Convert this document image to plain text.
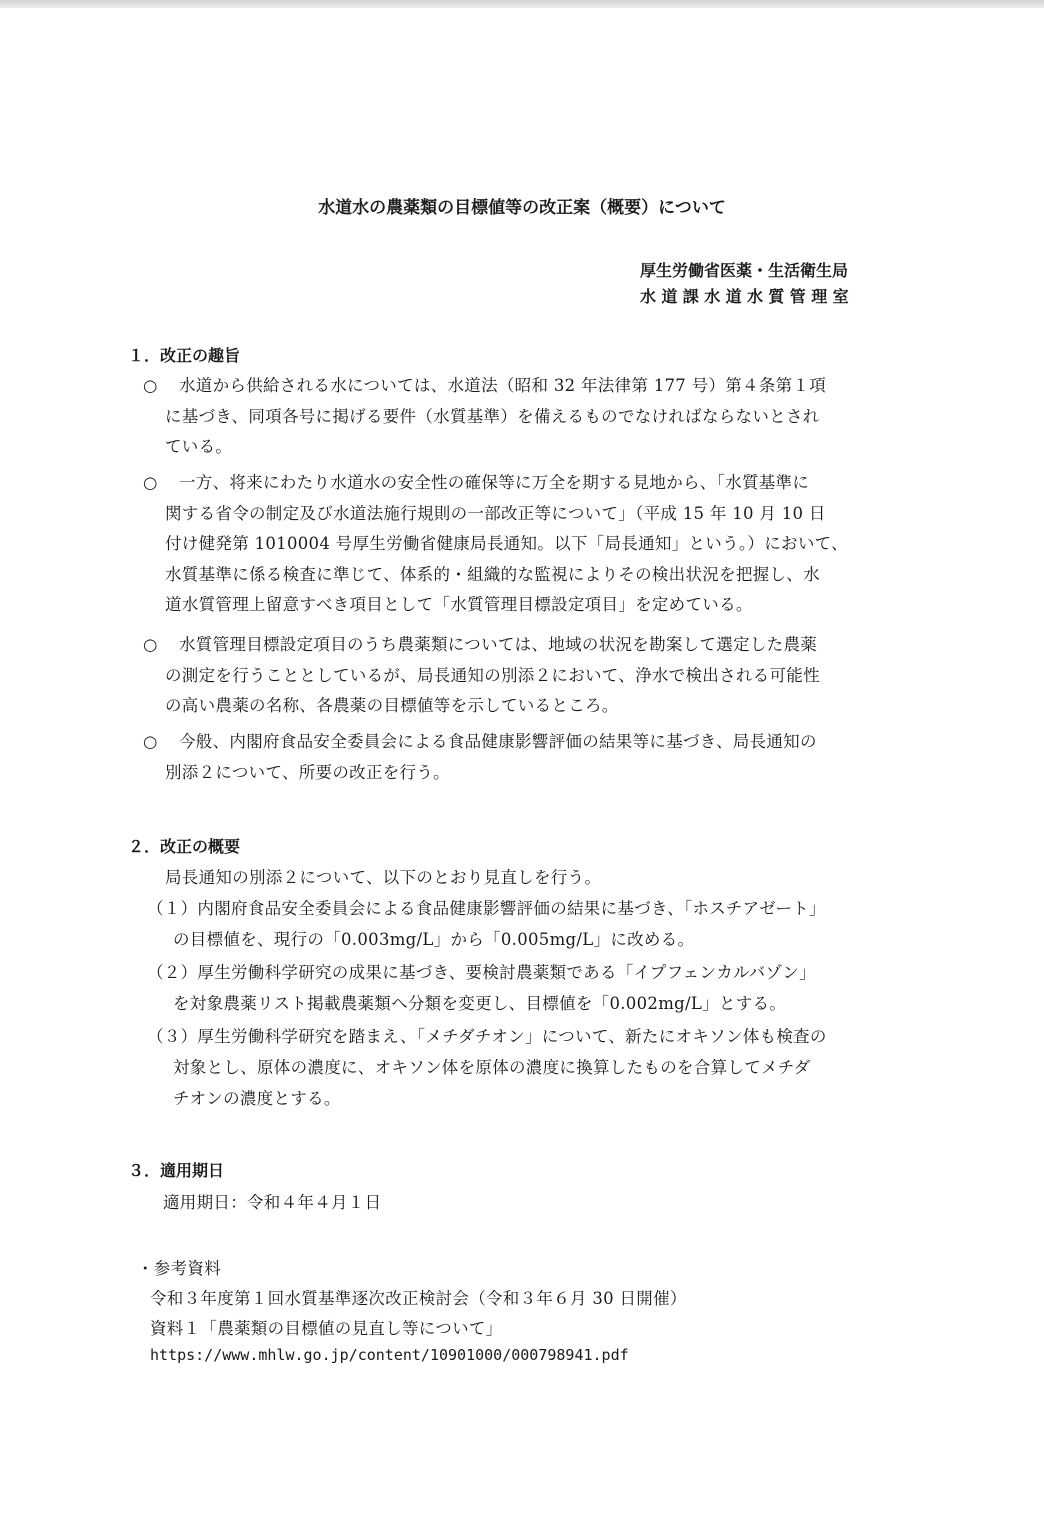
水道水の農薬類の目標値等の改正案（概要）について
厚生労働省医薬・生活衛生局
水道課水道水質管理室
１．改正の趣旨
○ 水道から供給される水については、水道法（昭和 32 年法律第 177 号）第４条第１項
に基づき、同項各号に掲げる要件（水質基準）を備えるものでなければならないとされ
ている。
○ 一方、将来にわたり水道水の安全性の確保等に万全を期する見地から、「水質基準に
関する省令の制定及び水道法施行規則の一部改正等について」（平成 15 年 10 月 10 日
付け健発第 1010004 号厚生労働省健康局長通知。以下「局長通知」という。）において、
水質基準に係る検査に準じて、体系的・組織的な監視によりその検出状況を把握し、水
道水質管理上留意すべき項目として「水質管理目標設定項目」を定めている。
○ 水質管理目標設定項目のうち農薬類については、地域の状況を勘案して選定した農薬
の測定を行うこととしているが、局長通知の別添２において、浄水で検出される可能性
の高い農薬の名称、各農薬の目標値等を示しているところ。
○ 今般、内閣府食品安全委員会による食品健康影響評価の結果等に基づき、局長通知の
別添２について、所要の改正を行う。
２．改正の概要
局長通知の別添２について、以下のとおり見直しを行う。
（１）内閣府食品安全委員会による食品健康影響評価の結果に基づき、「ホスチアゼート」
の目標値を、現行の「0.003mg/L」から「0.005mg/L」に改める。
（２）厚生労働科学研究の成果に基づき、要検討農薬類である「イプフェンカルバゾン」
を対象農薬リスト掲載農薬類へ分類を変更し、目標値を「0.002mg/L」とする。
（３）厚生労働科学研究を踏まえ、「メチダチオン」について、新たにオキソン体も検査の
対象とし、原体の濃度に、オキソン体を原体の濃度に換算したものを合算してメチダ
チオンの濃度とする。
３．適用期日
適用期日：令和４年４月１日
・参考資料
令和３年度第１回水質基準逐次改正検討会（令和３年６月 30 日開催）
資料１「農薬類の目標値の見直し等について」
https://www.mhlw.go.jp/content/10901000/000798941.pdf
